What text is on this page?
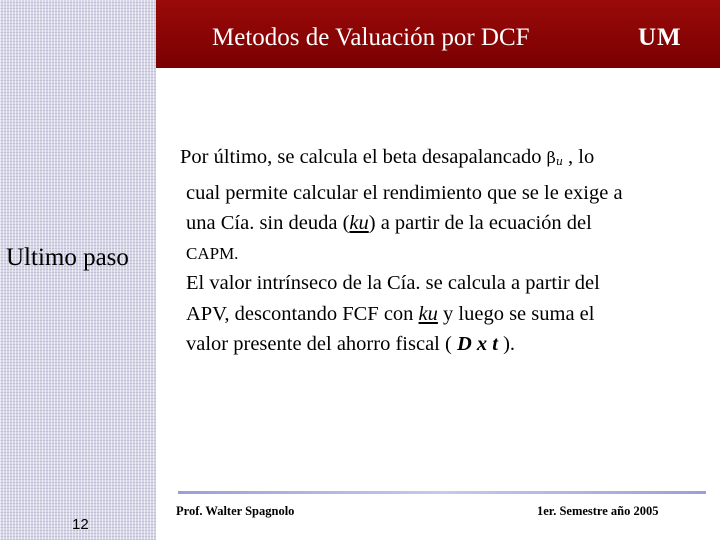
Ultimo paso
12
Metodos de Valuación por DCF	UM
Por último, se calcula el beta desapalancado $\beta_u$ , lo
cual permite calcular el rendimiento que se le exige a
una Cía. sin deuda (ku) a partir de la ecuación del
CAPM.
El valor intrínseco de la Cía. se calcula a partir del
APV, descontando FCF con ku y luego se suma el
valor presente del ahorro fiscal ( D x t ).
Prof. Walter Spagnolo	1er. Semestre año 2005
